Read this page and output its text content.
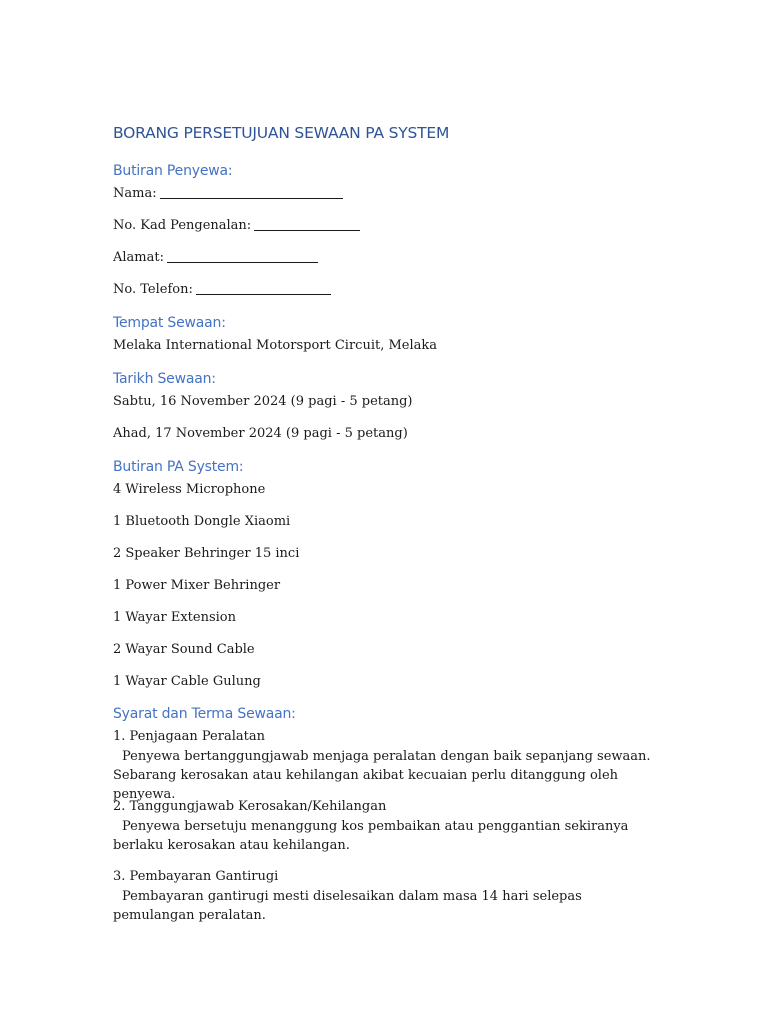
BORANG PERSETUJUAN SEWAAN PA SYSTEM
Butiran Penyewa:
Nama:
No. Kad Pengenalan:
Alamat:
No. Telefon:
Tempat Sewaan:
Melaka International Motorsport Circuit, Melaka
Tarikh Sewaan:
Sabtu, 16 November 2024 (9 pagi - 5 petang)
Ahad, 17 November 2024 (9 pagi - 5 petang)
Butiran PA System:
4 Wireless Microphone
1 Bluetooth Dongle Xiaomi
2 Speaker Behringer 15 inci
1 Power Mixer Behringer
1 Wayar Extension
2 Wayar Sound Cable
1 Wayar Cable Gulung
Syarat dan Terma Sewaan:
1. Penjagaan Peralatan
Penyewa bertanggungjawab menjaga peralatan dengan baik sepanjang sewaan. Sebarang kerosakan atau kehilangan akibat kecuaian perlu ditanggung oleh penyewa.
2. Tanggungjawab Kerosakan/Kehilangan
Penyewa bersetuju menanggung kos pembaikan atau penggantian sekiranya berlaku kerosakan atau kehilangan.
3. Pembayaran Gantirugi
Pembayaran gantirugi mesti diselesaikan dalam masa 14 hari selepas pemulangan peralatan.
